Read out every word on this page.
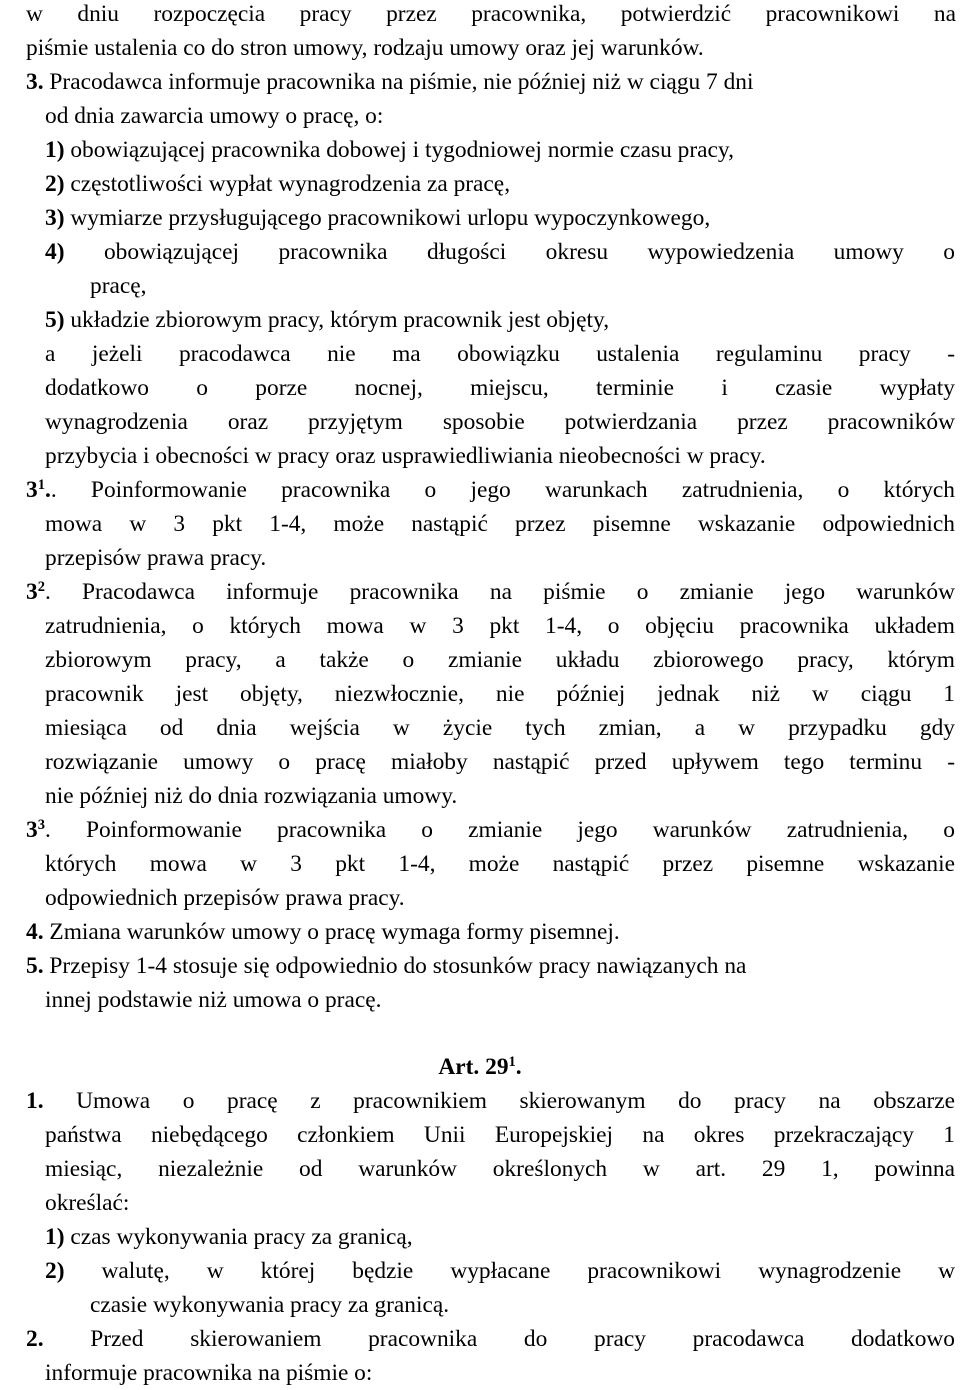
w dniu rozpoczęcia pracy przez pracownika, potwierdzić pracownikowi na
piśmie ustalenia co do stron umowy, rodzaju umowy oraz jej warunków.
3. Pracodawca informuje pracownika na piśmie, nie później niż w ciągu 7 dni
od dnia zawarcia umowy o pracę, o:
1) obowiązującej pracownika dobowej i tygodniowej normie czasu pracy,
2) częstotliwości wypłat wynagrodzenia za pracę,
3) wymiarze przysługującego pracownikowi urlopu wypoczynkowego,
4) obowiązującej pracownika długości okresu wypowiedzenia umowy o
pracę,
5) układzie zbiorowym pracy, którym pracownik jest objęty,
a jeżeli pracodawca nie ma obowiązku ustalenia regulaminu pracy -
dodatkowo o porze nocnej, miejscu, terminie i czasie wypłaty
wynagrodzenia oraz przyjętym sposobie potwierdzania przez pracowników
przybycia i obecności w pracy oraz usprawiedliwiania nieobecności w pracy.
$3^1$.. Poinformowanie pracownika o jego warunkach zatrudnienia, o których
mowa w 3 pkt 1-4, może nastąpić przez pisemne wskazanie odpowiednich
przepisów prawa pracy.
$3^2$. Pracodawca informuje pracownika na piśmie o zmianie jego warunków
zatrudnienia, o których mowa w 3 pkt 1-4, o objęciu pracownika układem
zbiorowym pracy, a także o zmianie układu zbiorowego pracy, którym
pracownik jest objęty, niezwłocznie, nie później jednak niż w ciągu 1
miesiąca od dnia wejścia w życie tych zmian, a w przypadku gdy
rozwiązanie umowy o pracę miałoby nastąpić przed upływem tego terminu -
nie później niż do dnia rozwiązania umowy.
$3^3$. Poinformowanie pracownika o zmianie jego warunków zatrudnienia, o
których mowa w 3 pkt 1-4, może nastąpić przez pisemne wskazanie
odpowiednich przepisów prawa pracy.
4. Zmiana warunków umowy o pracę wymaga formy pisemnej.
5. Przepisy 1-4 stosuje się odpowiednio do stosunków pracy nawiązanych na
innej podstawie niż umowa o pracę.
Art. $29^1$.
1. Umowa o pracę z pracownikiem skierowanym do pracy na obszarze
państwa niebędącego członkiem Unii Europejskiej na okres przekraczający 1
miesiąc, niezależnie od warunków określonych w art. 29 1, powinna
określać:
1) czas wykonywania pracy za granicą,
2) walutę, w której będzie wypłacane pracownikowi wynagrodzenie w
czasie wykonywania pracy za granicą.
2. Przed skierowaniem pracownika do pracy pracodawca dodatkowo
informuje pracownika na piśmie o:
